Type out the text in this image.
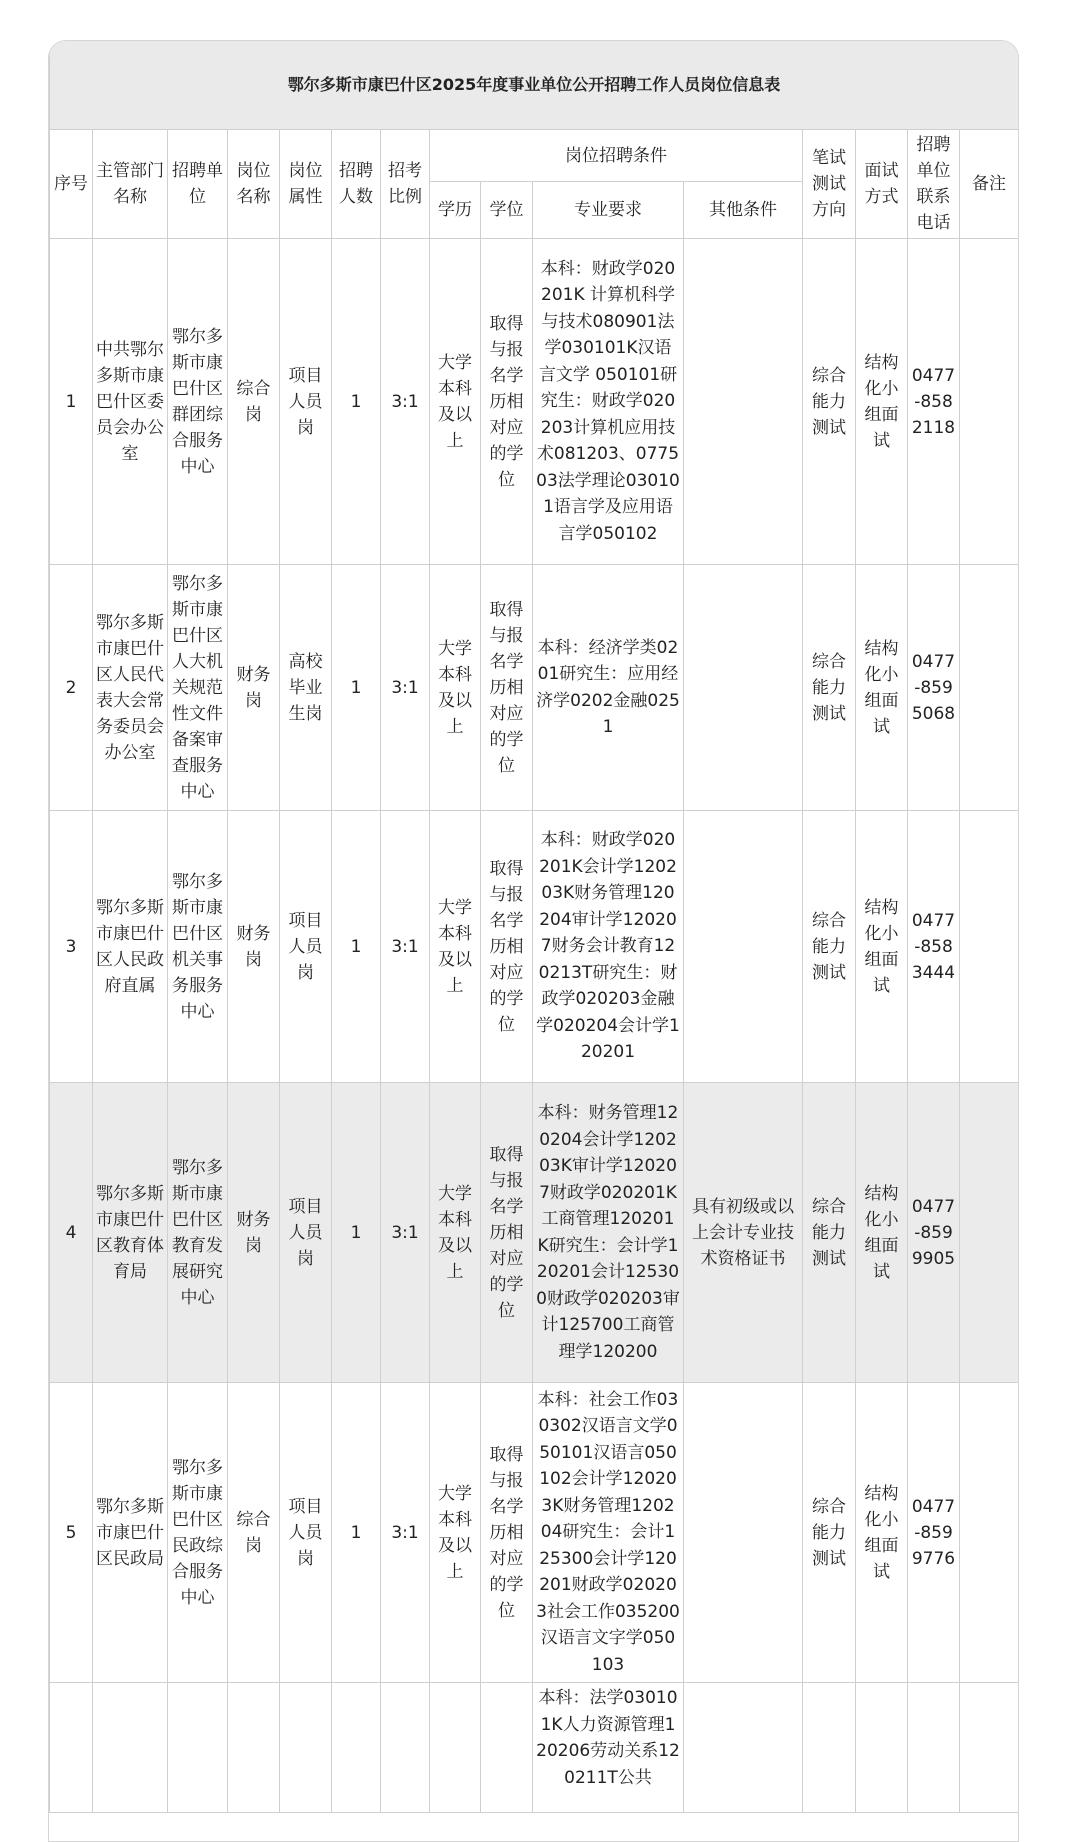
鄂尔多斯市康巴什区2025年度事业单位公开招聘工作人员岗位信息表														
序号	主管部门名称	招聘单位	岗位名称	岗位属性	招聘人数	招考比例	岗位招聘条件				笔试测试方向	面试方式	招聘单位联系电话	备注
							学历	学位	专业要求	其他条件				
1	中共鄂尔多斯市康巴什区委员会办公室	鄂尔多斯市康巴什区群团综合服务中心	综合岗	项目人员岗	1	3:1	大学本科及以上	取得与报名学历相对应的学位	本科：财政学020201K 计算机科学与技术080901法学030101K汉语言文学 050101研究生：财政学020203计算机应用技术081203、077503法学理论030101语言学及应用语言学050102		综合能力测试	结构化小组面试	0477-8582118	
2	鄂尔多斯市康巴什区人民代表大会常务委员会办公室	鄂尔多斯市康巴什区人大机关规范性文件备案审查服务中心	财务岗	高校毕业生岗	1	3:1	大学本科及以上	取得与报名学历相对应的学位	本科：经济学类0201研究生：应用经济学0202金融0251		综合能力测试	结构化小组面试	0477-8595068	
3	鄂尔多斯市康巴什区人民政府直属	鄂尔多斯市康巴什区机关事务服务中心	财务岗	项目人员岗	1	3:1	大学本科及以上	取得与报名学历相对应的学位	本科：财政学020201K会计学120203K财务管理120204审计学120207财务会计教育120213T研究生：财政学020203金融学020204会计学120201		综合能力测试	结构化小组面试	0477-8583444	
4	鄂尔多斯市康巴什区教育体育局	鄂尔多斯市康巴什区教育发展研究中心	财务岗	项目人员岗	1	3:1	大学本科及以上	取得与报名学历相对应的学位	本科：财务管理120204会计学120203K审计学120207财政学020201K工商管理120201K研究生：会计学120201会计125300财政学020203审计125700工商管理学120200	具有初级或以上会计专业技术资格证书	综合能力测试	结构化小组面试	0477-8599905	
5	鄂尔多斯市康巴什区民政局	鄂尔多斯市康巴什区民政综合服务中心	综合岗	项目人员岗	1	3:1	大学本科及以上	取得与报名学历相对应的学位	本科：社会工作030302汉语言文学050101汉语言050102会计学120203K财务管理120204研究生：会计125300会计学120201财政学020203社会工作035200汉语言文字学050103		综合能力测试	结构化小组面试	0477-8599776	
									本科：法学030101K人力资源管理120206劳动关系120211T公共					
